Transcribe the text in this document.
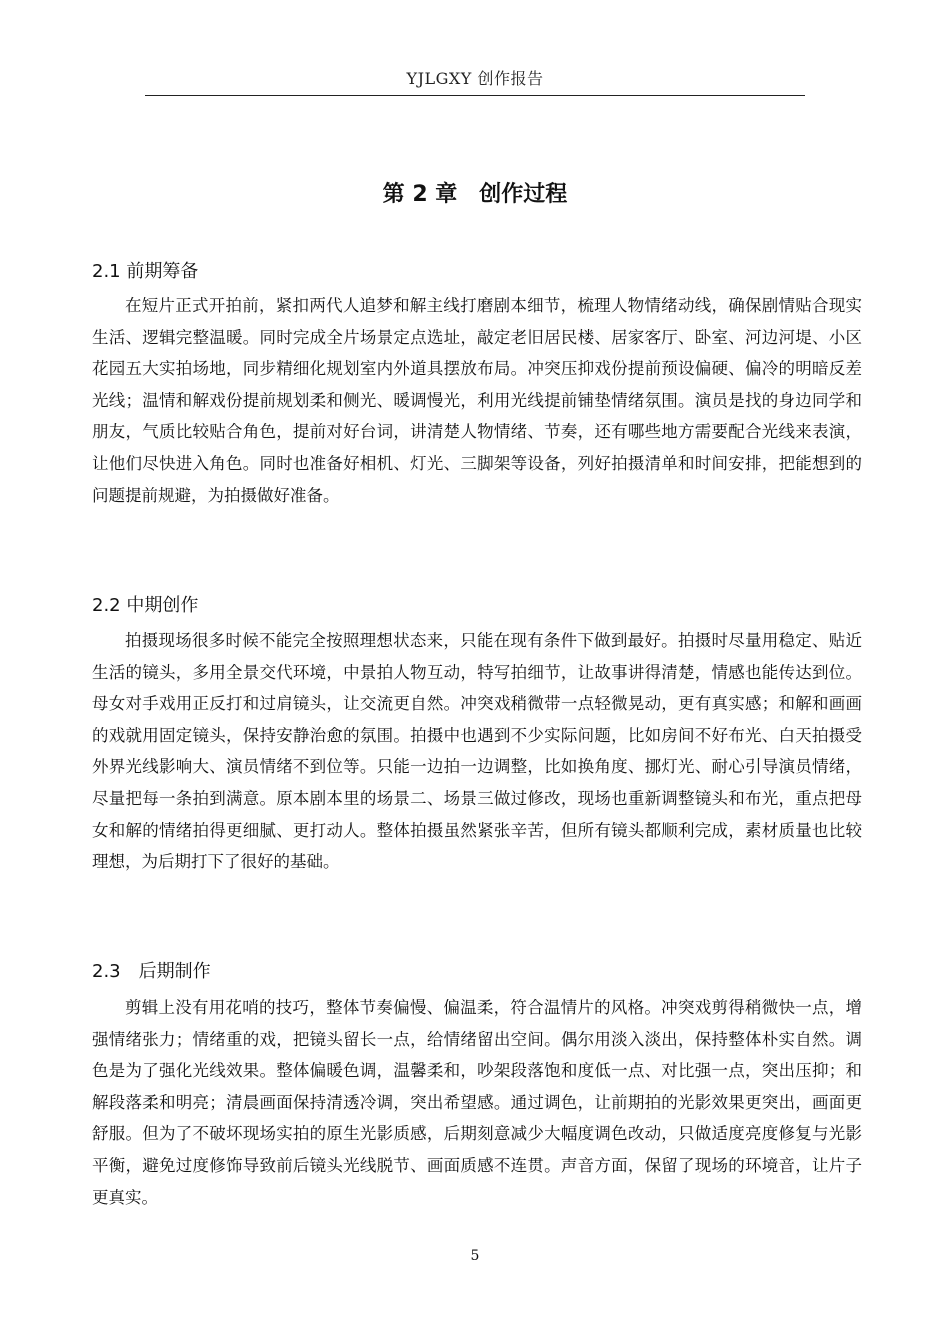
YJLGXY 创作报告
第 2 章　创作过程
2.1 前期筹备

在短片正式开拍前，紧扣两代人追梦和解主线打磨剧本细节，梳理人物情绪动线，确保剧情贴合现实生活、逻辑完整温暖。同时完成全片场景定点选址，敲定老旧居民楼、居家客厅、卧室、河边河堤、小区花园五大实拍场地，同步精细化规划室内外道具摆放布局。冲突压抑戏份提前预设偏硬、偏冷的明暗反差光线；温情和解戏份提前规划柔和侧光、暖调慢光，利用光线提前铺垫情绪氛围。演员是找的身边同学和朋友，气质比较贴合角色，提前对好台词，讲清楚人物情绪、节奏，还有哪些地方需要配合光线来表演，让他们尽快进入角色。同时也准备好相机、灯光、三脚架等设备，列好拍摄清单和时间安排，把能想到的问题提前规避，为拍摄做好准备。

2.2 中期创作

拍摄现场很多时候不能完全按照理想状态来，只能在现有条件下做到最好。拍摄时尽量用稳定、贴近生活的镜头，多用全景交代环境，中景拍人物互动，特写拍细节，让故事讲得清楚，情感也能传达到位。母女对手戏用正反打和过肩镜头，让交流更自然。冲突戏稍微带一点轻微晃动，更有真实感；和解和画画的戏就用固定镜头，保持安静治愈的氛围。拍摄中也遇到不少实际问题，比如房间不好布光、白天拍摄受外界光线影响大、演员情绪不到位等。只能一边拍一边调整，比如换角度、挪灯光、耐心引导演员情绪，尽量把每一条拍到满意。原本剧本里的场景二、场景三做过修改，现场也重新调整镜头和布光，重点把母女和解的情绪拍得更细腻、更打动人。整体拍摄虽然紧张辛苦，但所有镜头都顺利完成，素材质量也比较理想，为后期打下了很好的基础。

2.3　后期制作

剪辑上没有用花哨的技巧，整体节奏偏慢、偏温柔，符合温情片的风格。冲突戏剪得稍微快一点，增强情绪张力；情绪重的戏，把镜头留长一点，给情绪留出空间。偶尔用淡入淡出，保持整体朴实自然。调色是为了强化光线效果。整体偏暖色调，温馨柔和，吵架段落饱和度低一点、对比强一点，突出压抑；和解段落柔和明亮；清晨画面保持清透冷调，突出希望感。通过调色，让前期拍的光影效果更突出，画面更舒服。但为了不破坏现场实拍的原生光影质感，后期刻意减少大幅度调色改动，只做适度亮度修复与光影平衡，避免过度修饰导致前后镜头光线脱节、画面质感不连贯。声音方面，保留了现场的环境音，让片子更真实。

5
